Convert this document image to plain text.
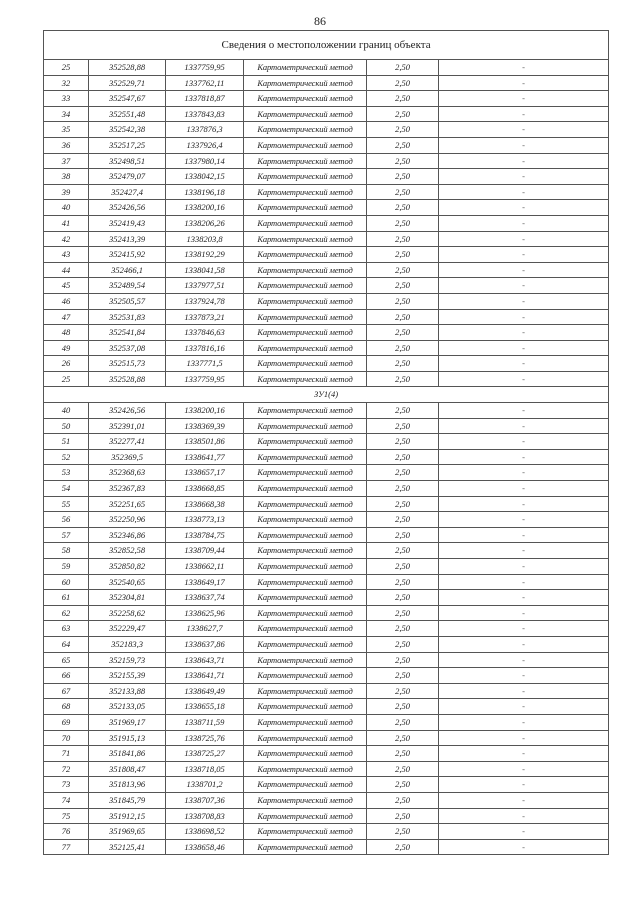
86
Сведения о местоположении границ объекта					
25	352528,88	1337759,95	Картометрический метод	2,50	-
32	352529,71	1337762,11	Картометрический метод	2,50	-
33	352547,67	1337818,87	Картометрический метод	2,50	-
34	352551,48	1337843,83	Картометрический метод	2,50	-
35	352542,38	1337876,3	Картометрический метод	2,50	-
36	352517,25	1337926,4	Картометрический метод	2,50	-
37	352498,51	1337980,14	Картометрический метод	2,50	-
38	352479,07	1338042,15	Картометрический метод	2,50	-
39	352427,4	1338196,18	Картометрический метод	2,50	-
40	352426,56	1338200,16	Картометрический метод	2,50	-
41	352419,43	1338206,26	Картометрический метод	2,50	-
42	352413,39	1338203,8	Картометрический метод	2,50	-
43	352415,92	1338192,29	Картометрический метод	2,50	-
44	352466,1	1338041,58	Картометрический метод	2,50	-
45	352489,54	1337977,51	Картометрический метод	2,50	-
46	352505,57	1337924,78	Картометрический метод	2,50	-
47	352531,83	1337873,21	Картометрический метод	2,50	-
48	352541,84	1337846,63	Картометрический метод	2,50	-
49	352537,08	1337816,16	Картометрический метод	2,50	-
26	352515,73	1337771,5	Картометрический метод	2,50	-
25	352528,88	1337759,95	Картометрический метод	2,50	-
ЗУ1(4)					
40	352426,56	1338200,16	Картометрический метод	2,50	-
50	352391,01	1338369,39	Картометрический метод	2,50	-
51	352277,41	1338501,86	Картометрический метод	2,50	-
52	352369,5	1338641,77	Картометрический метод	2,50	-
53	352368,63	1338657,17	Картометрический метод	2,50	-
54	352367,83	1338668,85	Картометрический метод	2,50	-
55	352251,65	1338668,38	Картометрический метод	2,50	-
56	352250,96	1338773,13	Картометрический метод	2,50	-
57	352346,86	1338784,75	Картометрический метод	2,50	-
58	352852,58	1338709,44	Картометрический метод	2,50	-
59	352850,82	1338662,11	Картометрический метод	2,50	-
60	352540,65	1338649,17	Картометрический метод	2,50	-
61	352304,81	1338637,74	Картометрический метод	2,50	-
62	352258,62	1338625,96	Картометрический метод	2,50	-
63	352229,47	1338627,7	Картометрический метод	2,50	-
64	352183,3	1338637,86	Картометрический метод	2,50	-
65	352159,73	1338643,71	Картометрический метод	2,50	-
66	352155,39	1338641,71	Картометрический метод	2,50	-
67	352133,88	1338649,49	Картометрический метод	2,50	-
68	352133,05	1338655,18	Картометрический метод	2,50	-
69	351969,17	1338711,59	Картометрический метод	2,50	-
70	351915,13	1338725,76	Картометрический метод	2,50	-
71	351841,86	1338725,27	Картометрический метод	2,50	-
72	351808,47	1338718,05	Картометрический метод	2,50	-
73	351813,96	1338701,2	Картометрический метод	2,50	-
74	351845,79	1338707,36	Картометрический метод	2,50	-
75	351912,15	1338708,83	Картометрический метод	2,50	-
76	351969,65	1338698,52	Картометрический метод	2,50	-
77	352125,41	1338658,46	Картометрический метод	2,50	-
